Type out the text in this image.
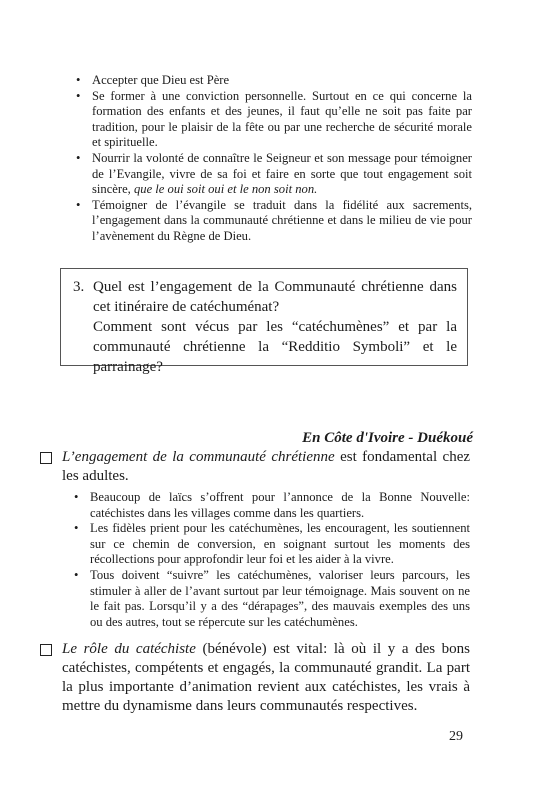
• Accepter que Dieu est Père
• Se former à une conviction personnelle. Surtout en ce qui concerne la formation des enfants et des jeunes, il faut qu’elle ne soit pas faite par tradition, pour le plaisir de la fête ou par une recherche de sécurité morale et spirituelle.
• Nourrir la volonté de connaître le Seigneur et son message pour témoigner de l’Evangile, vivre de sa foi et faire en sorte que tout engagement soit sincère, que le oui soit oui et le non soit non.
• Témoigner de l’évangile se traduit dans la fidélité aux sacrements, l’engagement dans la communauté chrétienne et dans le milieu de vie pour l’avènement du Règne de Dieu.
3. Quel est l’engagement de la Communauté chrétienne dans cet itinéraire de catéchuménat?

Comment sont vécus par les “catéchumènes” et par la communauté chrétienne la “Redditio Symboli” et le parrainage?

En Côte d'Ivoire - Duékoué

L’engagement de la communauté chrétienne est fondamental chez les adultes.

• Beaucoup de laïcs s’offrent pour l’annonce de la Bonne Nouvelle: catéchistes dans les villages comme dans les quartiers.
• Les fidèles prient pour les catéchumènes, les encouragent, les soutiennent sur ce chemin de conversion, en soignant surtout les moments des récollections pour approfondir leur foi et les aider à la vivre.
• Tous doivent “suivre” les catéchumènes, valoriser leurs parcours, les stimuler à aller de l’avant surtout par leur témoignage. Mais souvent on ne le fait pas. Lorsqu’il y a des “dérapages”, des mauvais exemples des uns ou des autres, tout se répercute sur les catéchumènes.

Le rôle du catéchiste (bénévole) est vital: là où il y a des bons catéchistes, compétents et engagés, la communauté grandit. La part la plus importante d’animation revient aux catéchistes, les vrais à mettre du dynamisme dans leurs communautés respectives.

29
